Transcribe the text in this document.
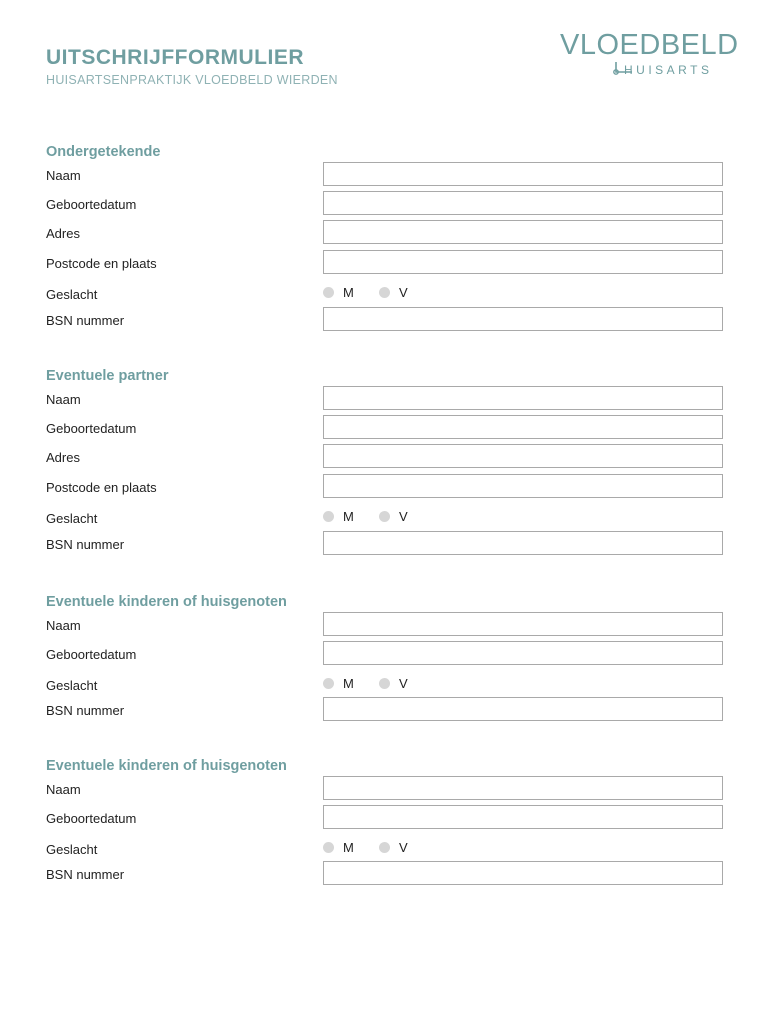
UITSCHRIJFFORMULIER

HUISARTSENPRAKTIJK VLOEDBELD WIERDEN

VLOEDBELD
HUISARTS
Ondergetekende
Naam
Geboortedatum
Adres
Postcode en plaats
Geslacht	M	V
BSN nummer
Eventuele partner
Naam
Geboortedatum
Adres
Postcode en plaats
Geslacht	M	V
BSN nummer
Eventuele kinderen of huisgenoten
Naam
Geboortedatum
Geslacht	M	V
BSN nummer
Eventuele kinderen of huisgenoten
Naam
Geboortedatum
Geslacht	M	V
BSN nummer
